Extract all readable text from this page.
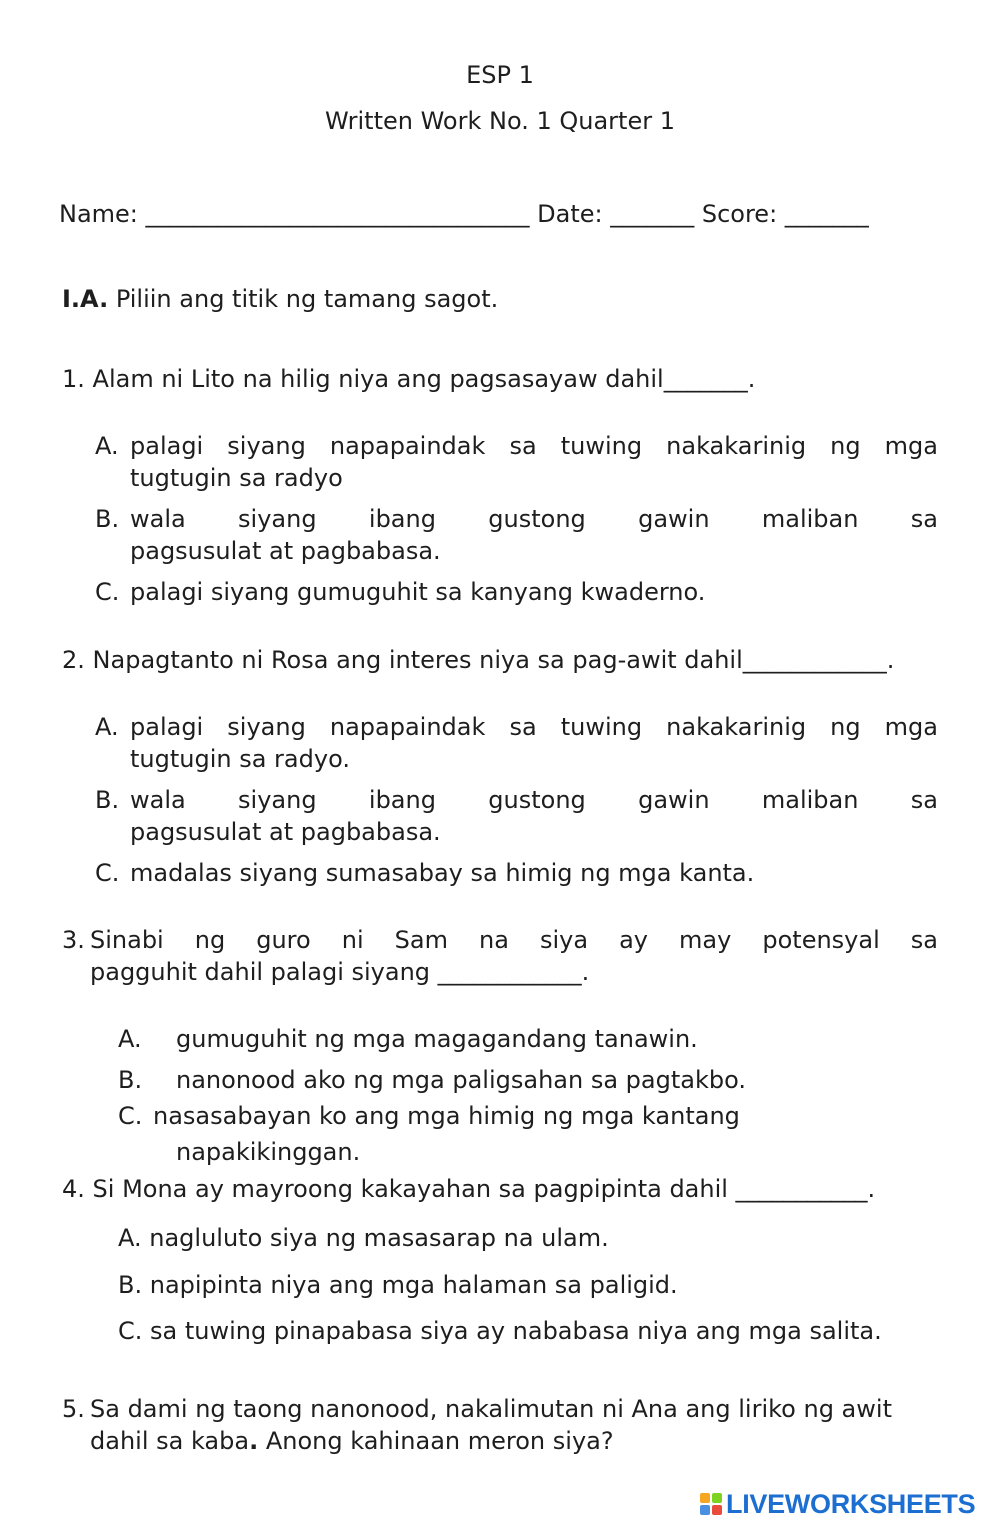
ESP 1
Written Work No. 1 Quarter 1
Name: ________________________________ Date: _______ Score: _______
I.A. Piliin ang titik ng tamang sagot.
1. Alam ni Lito na hilig niya ang pagsasayaw dahil_______.
A. palagi siyang napapaindak sa tuwing nakakarinig ng mga
tugtugin sa radyo
B. wala siyang ibang gustong gawin maliban sa
pagsusulat at pagbabasa.
C. palagi siyang gumuguhit sa kanyang kwaderno.
2. Napagtanto ni Rosa ang interes niya sa pag-awit dahil____________.
A. palagi siyang napapaindak sa tuwing nakakarinig ng mga
tugtugin sa radyo.
B. wala siyang ibang gustong gawin maliban sa
pagsusulat at pagbabasa.
C. madalas siyang sumasabay sa himig ng mga kanta.
3. Sinabi ng guro ni Sam na siya ay may potensyal sa
pagguhit dahil palagi siyang ____________.
A. gumuguhit ng mga magagandang tanawin.
B. nanonood ako ng mga paligsahan sa pagtakbo.
C. nasasabayan ko ang mga himig ng mga kantang
napakikinggan.
4. Si Mona ay mayroong kakayahan sa pagpipinta dahil ___________.
A. nagluluto siya ng masasarap na ulam.
B. napipinta niya ang mga halaman sa paligid.
C. sa tuwing pinapabasa siya ay nababasa niya ang mga salita.
5. Sa dami ng taong nanonood, nakalimutan ni Ana ang liriko ng awit
dahil sa kaba. Anong kahinaan meron siya?
LIVEWORKSHEETS
